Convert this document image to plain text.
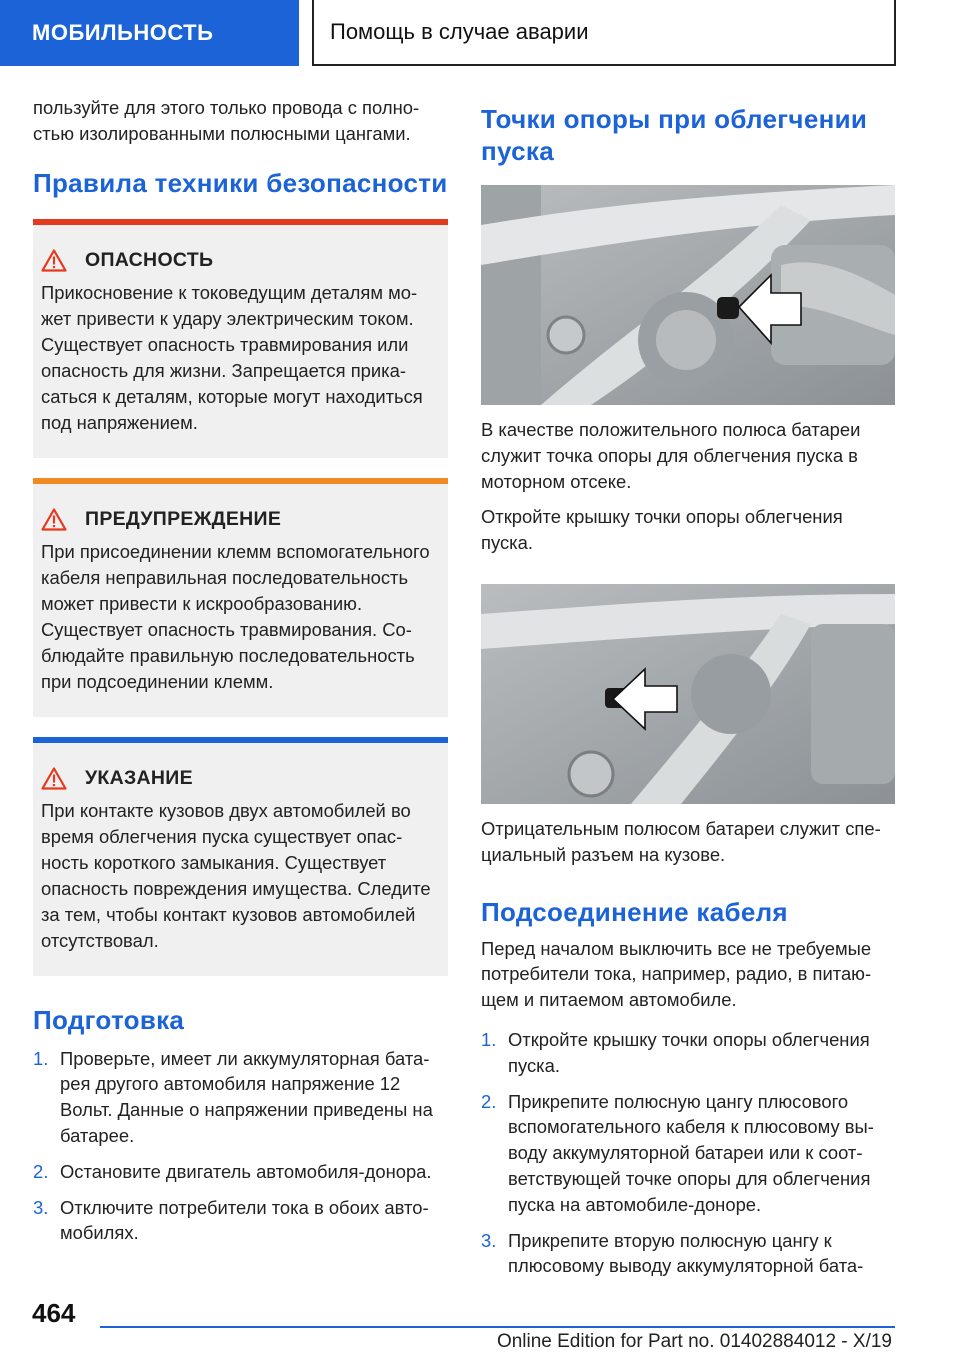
МОБИЛЬНОСТЬ	Помощь в случае аварии

пользуйте для этого только провода с полностью изолированными полюсными цангами.

Правила техники безопасности
ОПАСНОСТЬ
Прикосновение к токоведущим деталям может привести к удару электрическим током. Существует опасность травмирования или опасность для жизни. Запрещается прикасаться к деталям, которые могут находиться под напряжением.
ПРЕДУПРЕЖДЕНИЕ
При присоединении клемм вспомогательного кабеля неправильная последовательность может привести к искрообразованию. Существует опасность травмирования. Соблюдайте правильную последовательность при подсоединении клемм.
УКАЗАНИЕ
При контакте кузовов двух автомобилей во время облегчения пуска существует опасность короткого замыкания. Существует опасность повреждения имущества. Следите за тем, чтобы контакт кузовов автомобилей отсутствовал.
Подготовка
1. Проверьте, имеет ли аккумуляторная батарея другого автомобиля напряжение 12 Вольт. Данные о напряжении приведены на батарее.
2. Остановите двигатель автомобиля-донора.
3. Отключите потребители тока в обоих автомобилях.
Точки опоры при облегчении пуска

В качестве положительного полюса батареи служит точка опоры для облегчения пуска в моторном отсеке.

Откройте крышку точки опоры облегчения пуска.

Отрицательным полюсом батареи служит специальный разъем на кузове.

Подсоединение кабеля

Перед началом выключить все не требуемые потребители тока, например, радио, в питающем и питаемом автомобиле.

1. Откройте крышку точки опоры облегчения пуска.
2. Прикрепите полюсную цангу плюсового вспомогательного кабеля к плюсовому выводу аккумуляторной батареи или к соответствующей точке опоры для облегчения пуска на автомобиле-доноре.
3. Прикрепите вторую полюсную цангу к плюсовому выводу аккумуляторной бата-
464
Online Edition for Part no. 01402884012 - X/19
